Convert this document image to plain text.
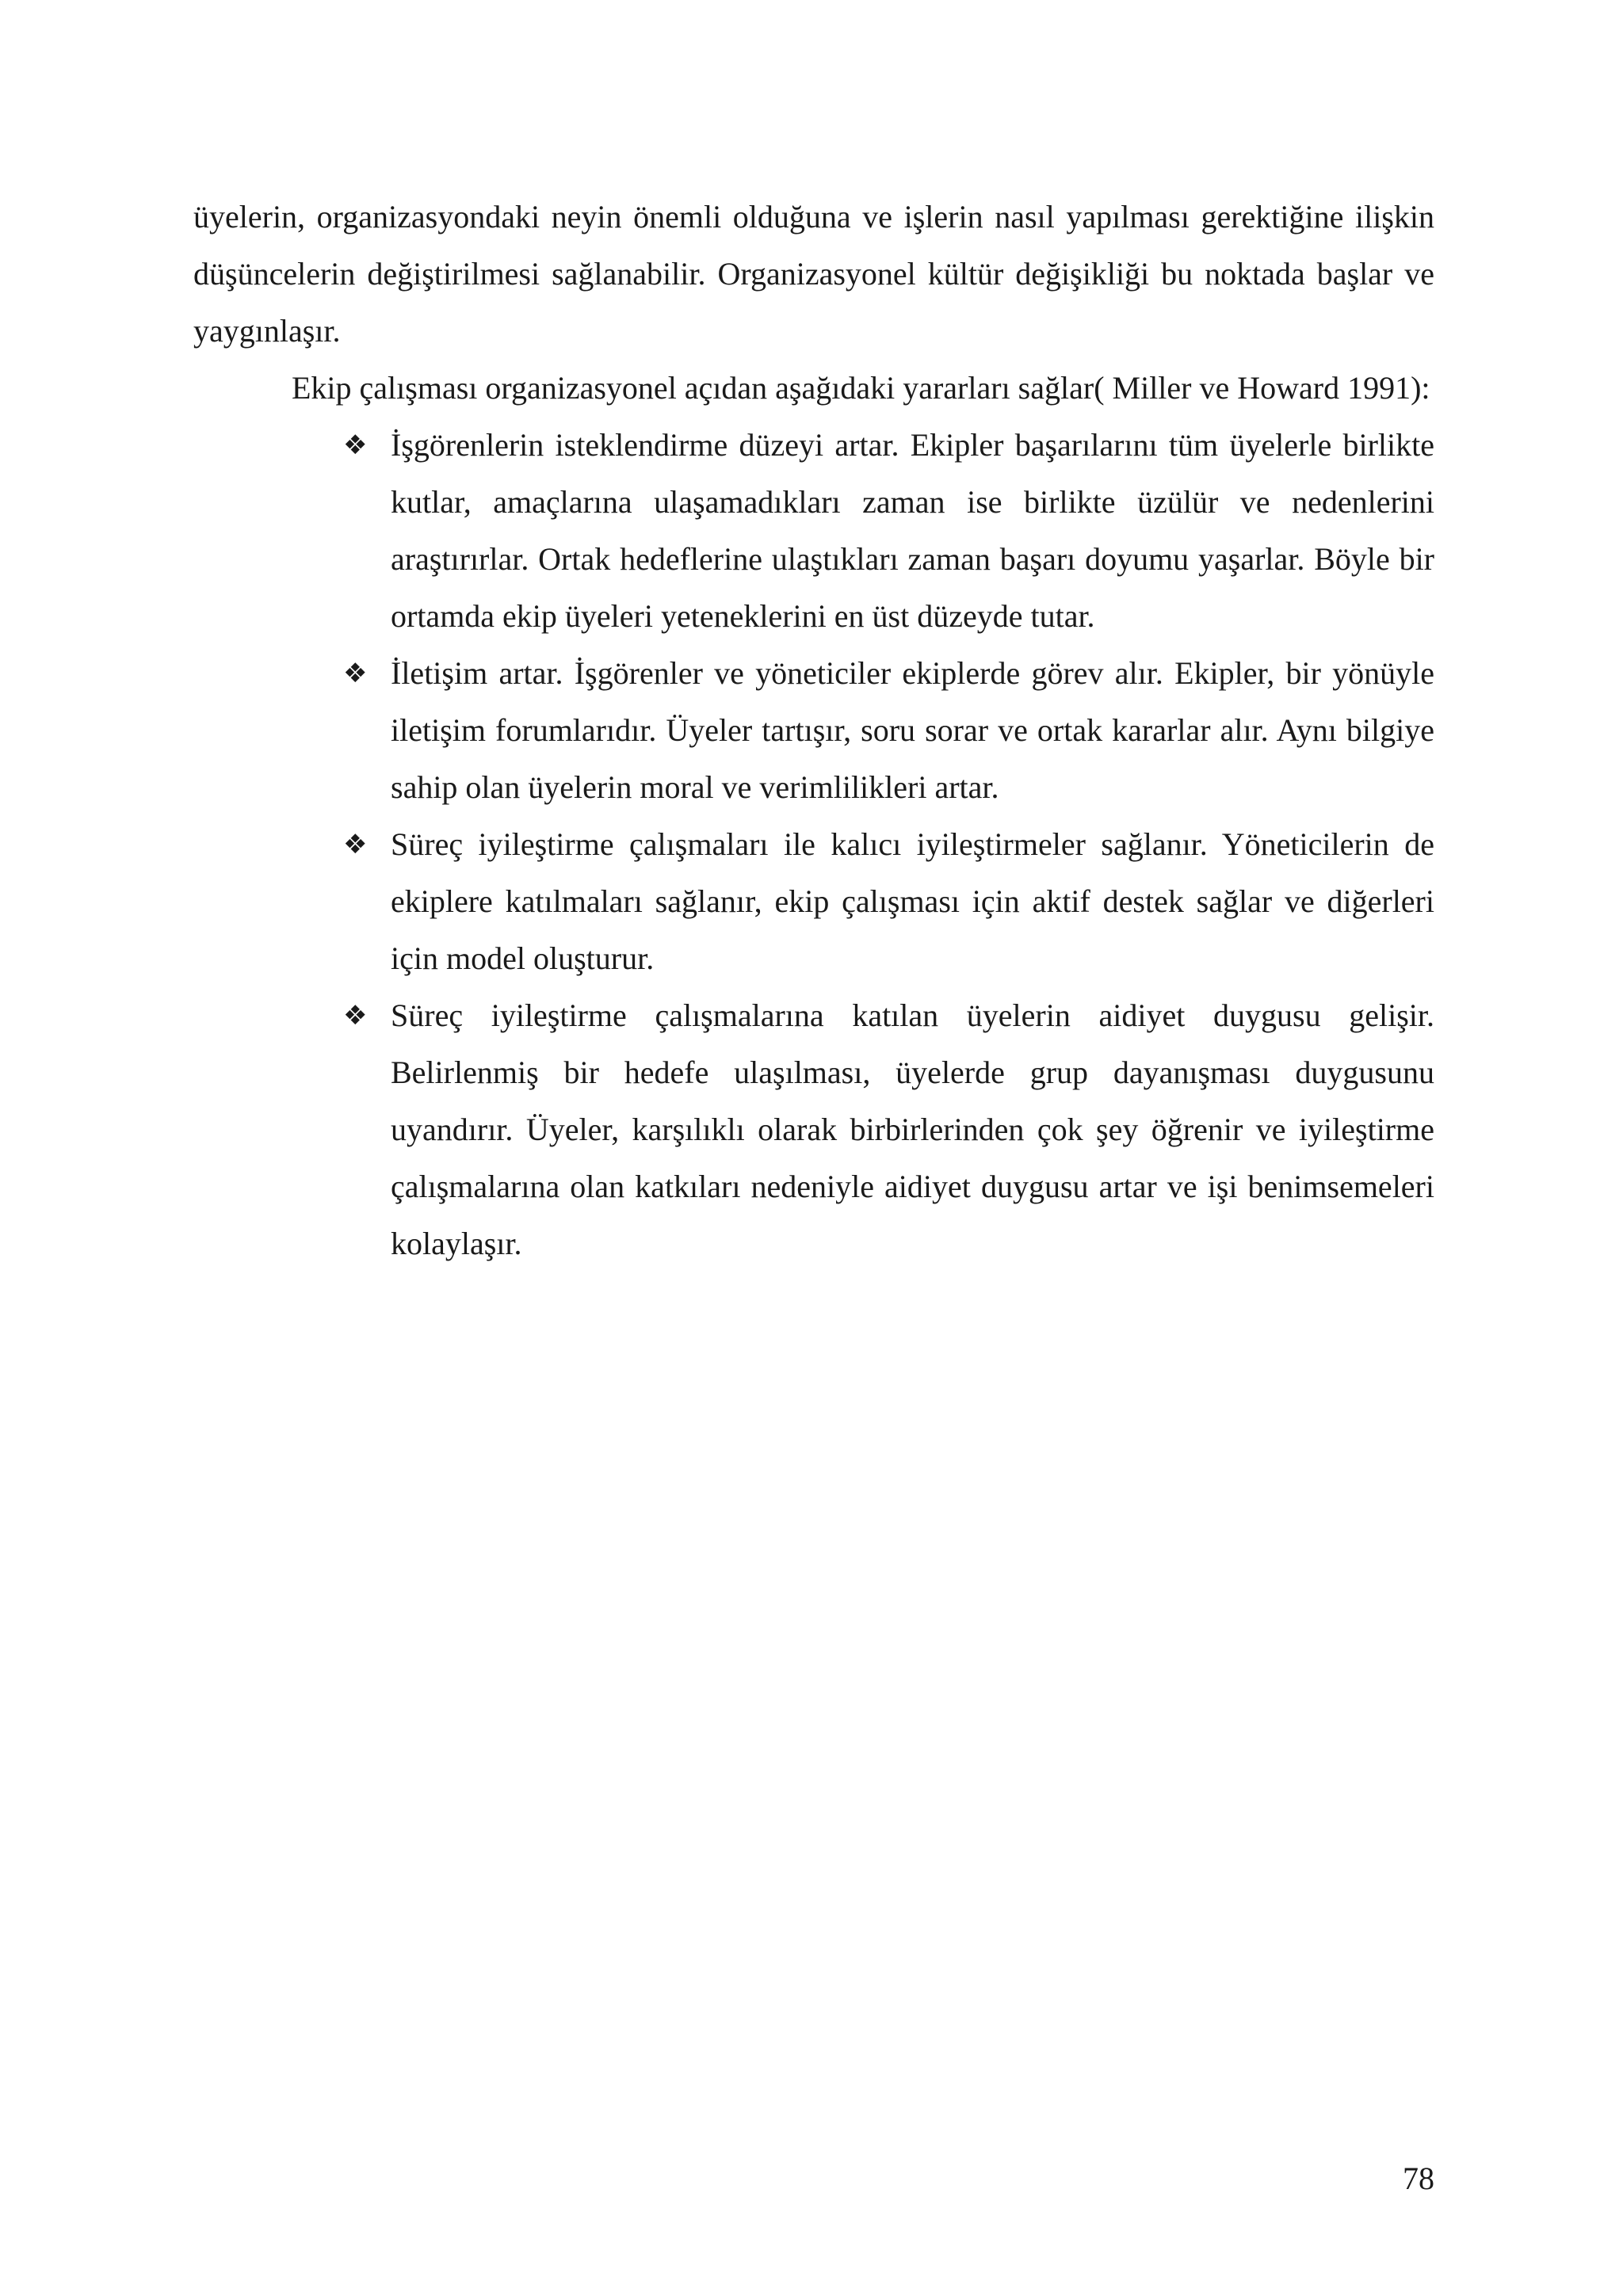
üyelerin, organizasyondaki neyin önemli olduğuna ve işlerin nasıl yapılması gerektiğine ilişkin düşüncelerin değiştirilmesi sağlanabilir. Organizasyonel kültür değişikliği bu noktada başlar ve yaygınlaşır.

Ekip çalışması organizasyonel açıdan aşağıdaki yararları sağlar( Miller ve Howard 1991):

❖ İşgörenlerin isteklendirme düzeyi artar. Ekipler başarılarını tüm üyelerle birlikte kutlar, amaçlarına ulaşamadıkları zaman ise birlikte üzülür ve nedenlerini araştırırlar. Ortak hedeflerine ulaştıkları zaman başarı doyumu yaşarlar. Böyle bir ortamda ekip üyeleri yeteneklerini en üst düzeyde tutar.
❖ İletişim artar. İşgörenler ve yöneticiler ekiplerde görev alır. Ekipler, bir yönüyle iletişim forumlarıdır. Üyeler tartışır, soru sorar ve ortak kararlar alır. Aynı bilgiye sahip olan üyelerin moral ve verimlilikleri artar.
❖ Süreç iyileştirme çalışmaları ile kalıcı iyileştirmeler sağlanır. Yöneticilerin de ekiplere katılmaları sağlanır, ekip çalışması için aktif destek sağlar ve diğerleri için model oluşturur.
❖ Süreç iyileştirme çalışmalarına katılan üyelerin aidiyet duygusu gelişir. Belirlenmiş bir hedefe ulaşılması, üyelerde grup dayanışması duygusunu uyandırır. Üyeler, karşılıklı olarak birbirlerinden çok şey öğrenir ve iyileştirme çalışmalarına olan katkıları nedeniyle aidiyet duygusu artar ve işi benimsemeleri kolaylaşır.
78
